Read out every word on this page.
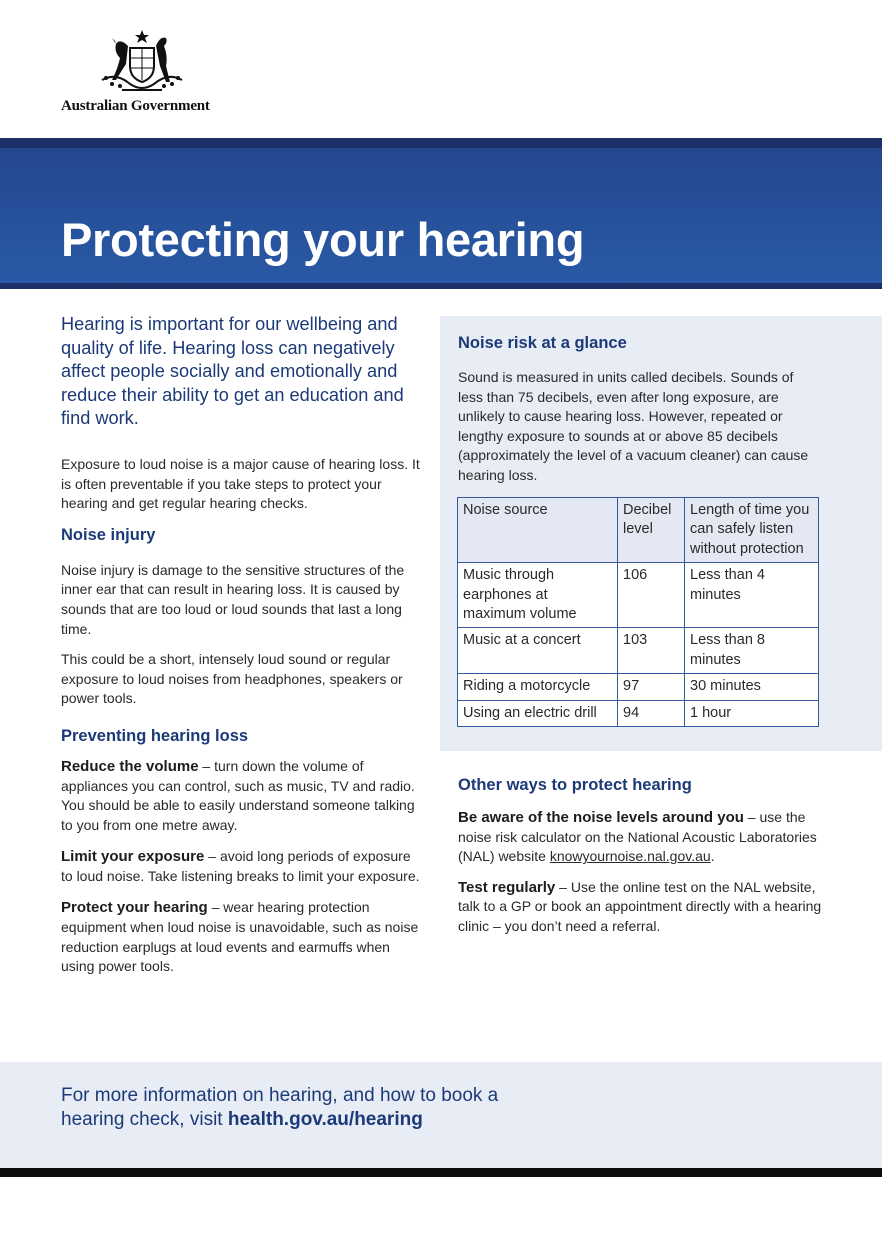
Australian Government
Protecting your hearing

Hearing is important for our wellbeing and quality of life. Hearing loss can negatively affect people socially and emotionally and reduce their ability to get an education and find work.

Exposure to loud noise is a major cause of hearing loss. It is often preventable if you take steps to protect your hearing and get regular hearing checks.

Noise injury

Noise injury is damage to the sensitive structures of the inner ear that can result in hearing loss. It is caused by sounds that are too loud or loud sounds that last a long time.

This could be a short, intensely loud sound or regular exposure to loud noises from headphones, speakers or power tools.

Preventing hearing loss

Reduce the volume – turn down the volume of appliances you can control, such as music, TV and radio. You should be able to easily understand someone talking to you from one metre away.

Limit your exposure – avoid long periods of exposure to loud noise. Take listening breaks to limit your exposure.

Protect your hearing – wear hearing protection equipment when loud noise is unavoidable, such as noise reduction earplugs at loud events and earmuffs when using power tools.

Noise risk at a glance

Sound is measured in units called decibels. Sounds of less than 75 decibels, even after long exposure, are unlikely to cause hearing loss. However, repeated or lengthy exposure to sounds at or above 85 decibels (approximately the level of a vacuum cleaner) can cause hearing loss.

Noise source	Decibel level	Length of time you can safely listen without protection
Music through earphones at maximum volume	106	Less than 4 minutes
Music at a concert	103	Less than 8 minutes
Riding a motorcycle	97	30 minutes
Using an electric drill	94	1 hour
Other ways to protect hearing

Be aware of the noise levels around you – use the noise risk calculator on the National Acoustic Laboratories (NAL) website knowyournoise.nal.gov.au.

Test regularly – Use the online test on the NAL website, talk to a GP or book an appointment directly with a hearing clinic – you don’t need a referral.

For more information on hearing, and how to book a hearing check, visit health.gov.au/hearing
